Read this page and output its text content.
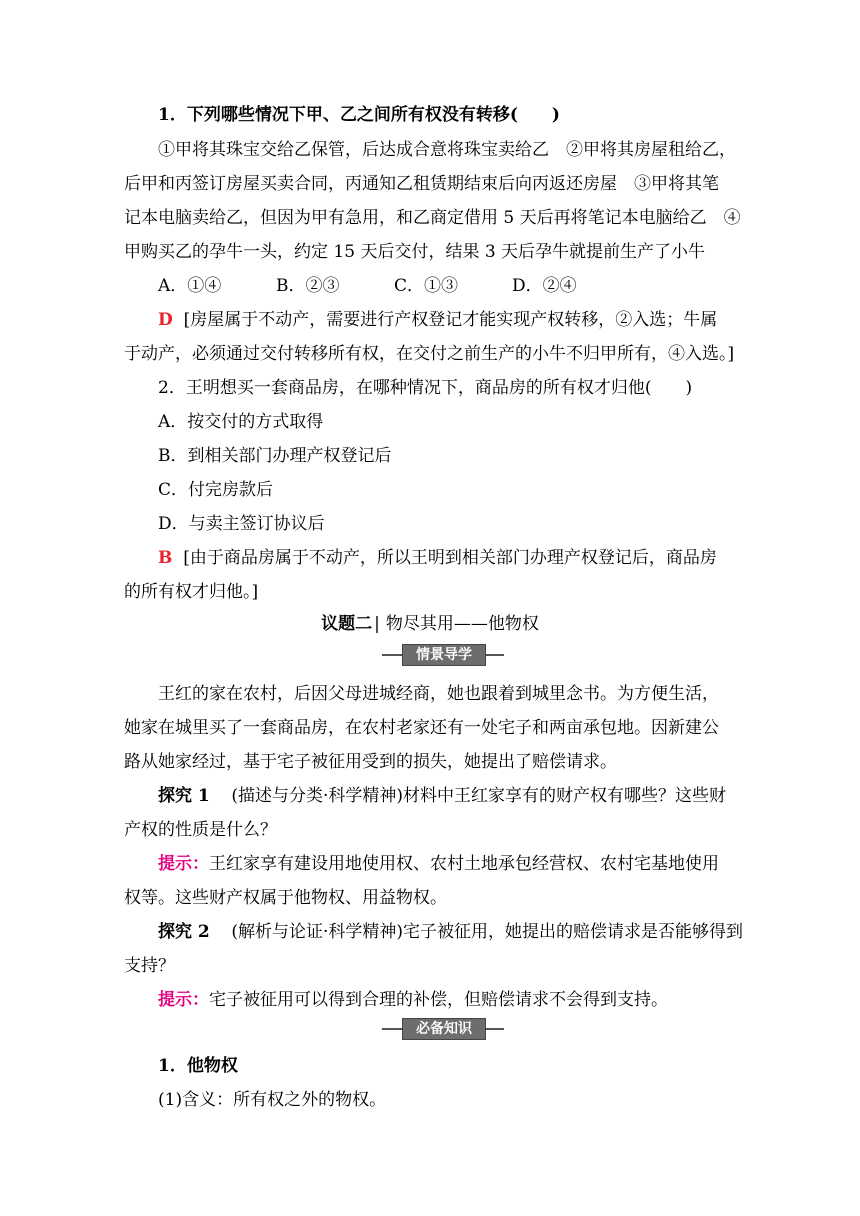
1．下列哪些情况下甲、乙之间所有权没有转移(　　)
①甲将其珠宝交给乙保管，后达成合意将珠宝卖给乙　②甲将其房屋租给乙，
后甲和丙签订房屋买卖合同，丙通知乙租赁期结束后向丙返还房屋　③甲将其笔
记本电脑卖给乙，但因为甲有急用，和乙商定借用 5 天后再将笔记本电脑给乙　④
甲购买乙的孕牛一头，约定 15 天后交付，结果 3 天后孕牛就提前生产了小牛
A．①④	B．②③	C．①③	D．②④
D [房屋属于不动产，需要进行产权登记才能实现产权转移，②入选；牛属
于动产，必须通过交付转移所有权，在交付之前生产的小牛不归甲所有，④入选。]
2．王明想买一套商品房，在哪种情况下，商品房的所有权才归他(　　)
A．按交付的方式取得
B．到相关部门办理产权登记后
C．付完房款后
D．与卖主签订协议后
B [由于商品房属于不动产，所以王明到相关部门办理产权登记后，商品房
的所有权才归他。]
议题二 | 物尽其用——他物权
情景导学
王红的家在农村，后因父母进城经商，她也跟着到城里念书。为方便生活，
她家在城里买了一套商品房，在农村老家还有一处宅子和两亩承包地。因新建公
路从她家经过，基于宅子被征用受到的损失，她提出了赔偿请求。
探究 1 (描述与分类·科学精神)材料中王红家享有的财产权有哪些？这些财
产权的性质是什么？
提示：王红家享有建设用地使用权、农村土地承包经营权、农村宅基地使用
权等。这些财产权属于他物权、用益物权。
探究 2 (解析与论证·科学精神)宅子被征用，她提出的赔偿请求是否能够得到
支持？
提示：宅子被征用可以得到合理的补偿，但赔偿请求不会得到支持。
必备知识
1．他物权
(1)含义：所有权之外的物权。
